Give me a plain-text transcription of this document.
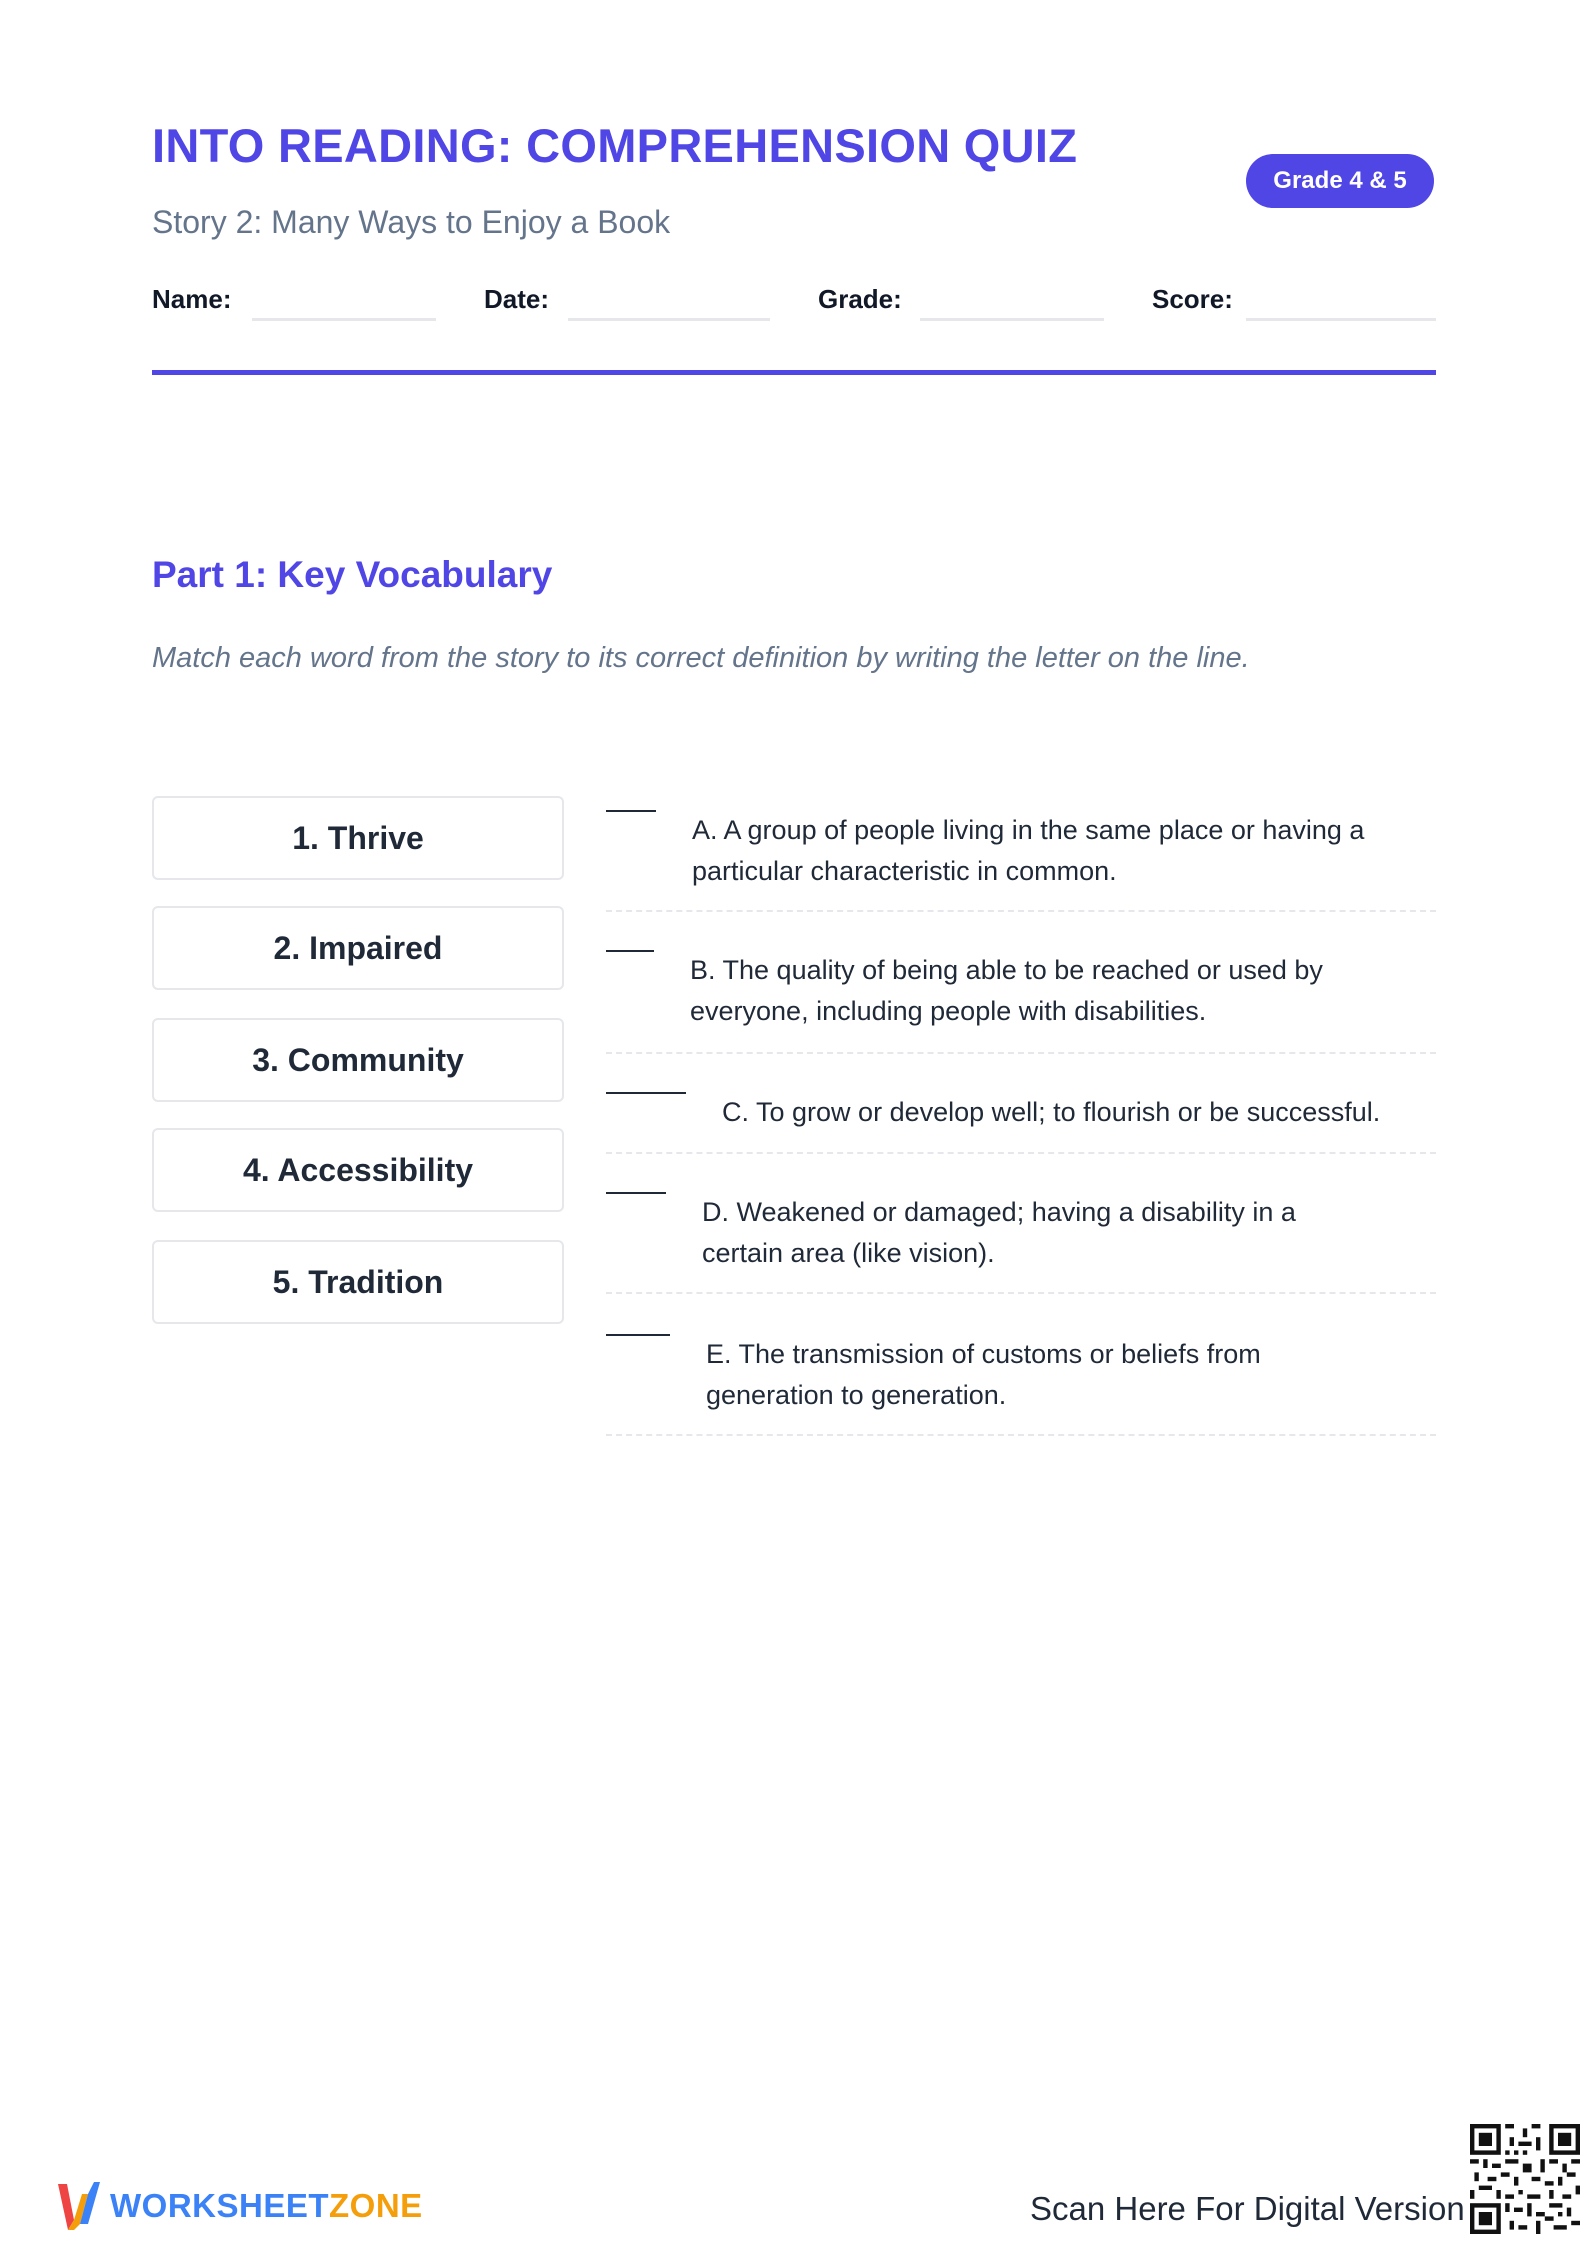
INTO READING: COMPREHENSION QUIZ
Story 2: Many Ways to Enjoy a Book
Grade 4 & 5
Name:	Date:	Grade:	Score:
Part 1: Key Vocabulary
Match each word from the story to its correct definition by writing the letter on the line.
1. Thrive
2. Impaired
3. Community
4. Accessibility
5. Tradition
A. A group of people living in the same place or having a
particular characteristic in common.
B. The quality of being able to be reached or used by
everyone, including people with disabilities.
C. To grow or develop well; to flourish or be successful.
D. Weakened or damaged; having a disability in a
certain area (like vision).
E. The transmission of customs or beliefs from
generation to generation.
WORKSHEETZONE	Scan Here For Digital Version
